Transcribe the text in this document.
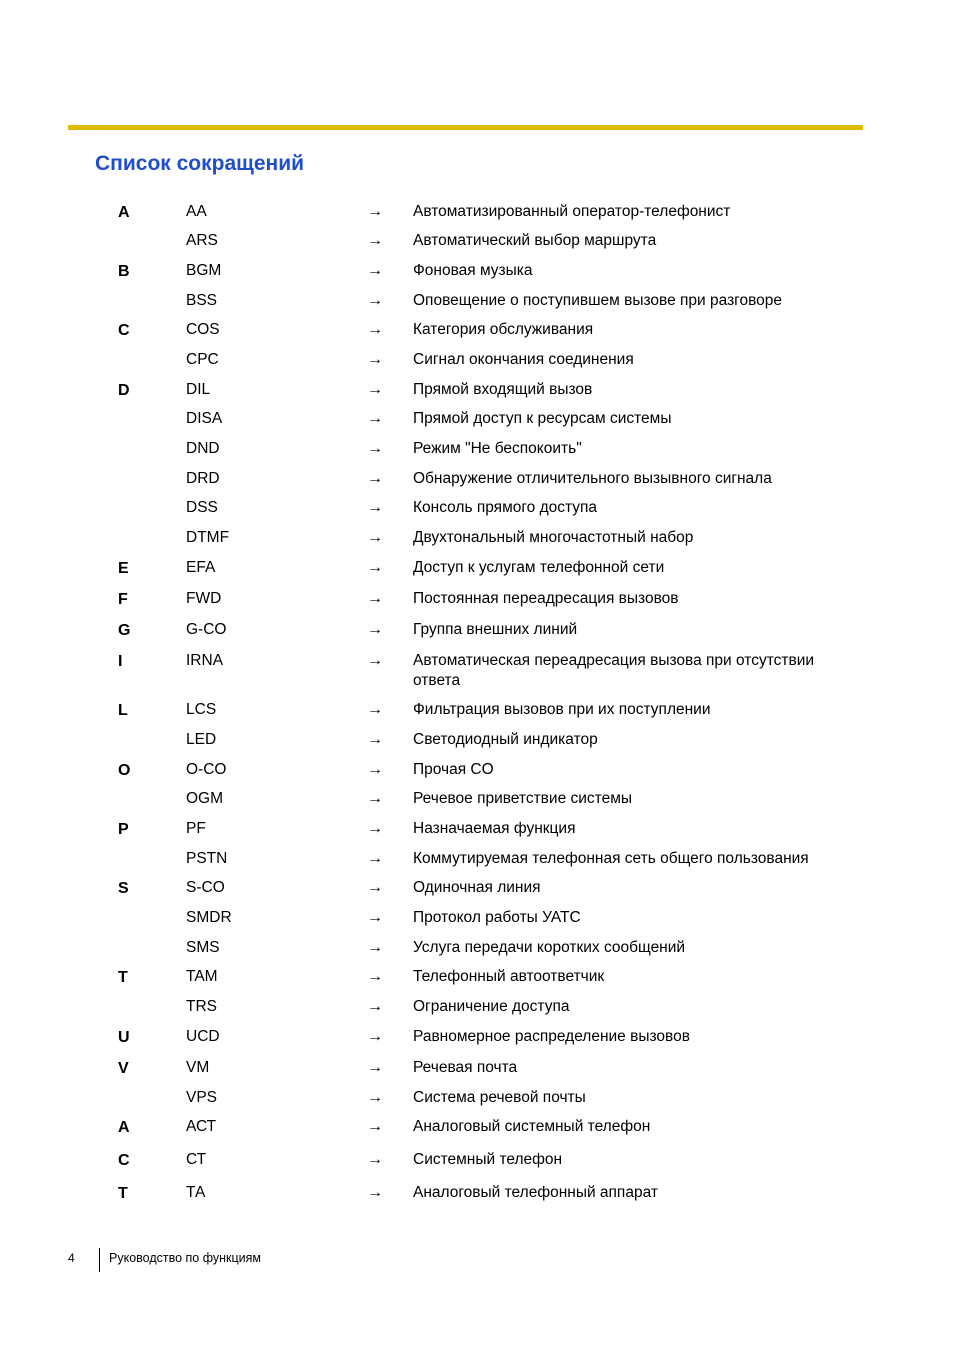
Список сокращений
A	AA	→ Автоматизированный оператор-телефонист
ARS	→ Автоматический выбор маршрута
B	BGM	→ Фоновая музыка
BSS	→ Оповещение о поступившем вызове при разговоре
C	COS	→ Категория обслуживания
CPC	→ Сигнал окончания соединения
D	DIL	→ Прямой входящий вызов
DISA	→ Прямой доступ к ресурсам системы
DND	→ Режим "Не беспокоить"
DRD	→ Обнаружение отличительного вызывного сигнала
DSS	→ Консоль прямого доступа
DTMF	→ Двухтональный многочастотный набор
E	EFA	→ Доступ к услугам телефонной сети
F	FWD	→ Постоянная переадресация вызовов
G	G-CO	→ Группа внешних линий
I	IRNA	→ Автоматическая переадресация вызова при отсутствии ответа
L	LCS	→ Фильтрация вызовов при их поступлении
LED	→ Светодиодный индикатор
O	O-CO	→ Прочая CO
OGM	→ Речевое приветствие системы
P	PF	→ Назначаемая функция
PSTN	→ Коммутируемая телефонная сеть общего пользования
S	S-CO	→ Одиночная линия
SMDR	→ Протокол работы УАТС
SMS	→ Услуга передачи коротких сообщений
T	TAM	→ Телефонный автоответчик
TRS	→ Ограничение доступа
U	UCD	→ Равномерное распределение вызовов
V	VM	→ Речевая почта
VPS	→ Система речевой почты
А	АСТ	→ Аналоговый системный телефон
С	СТ	→ Системный телефон
Т	ТА	→ Аналоговый телефонный аппарат
4	Руководство по функциям
